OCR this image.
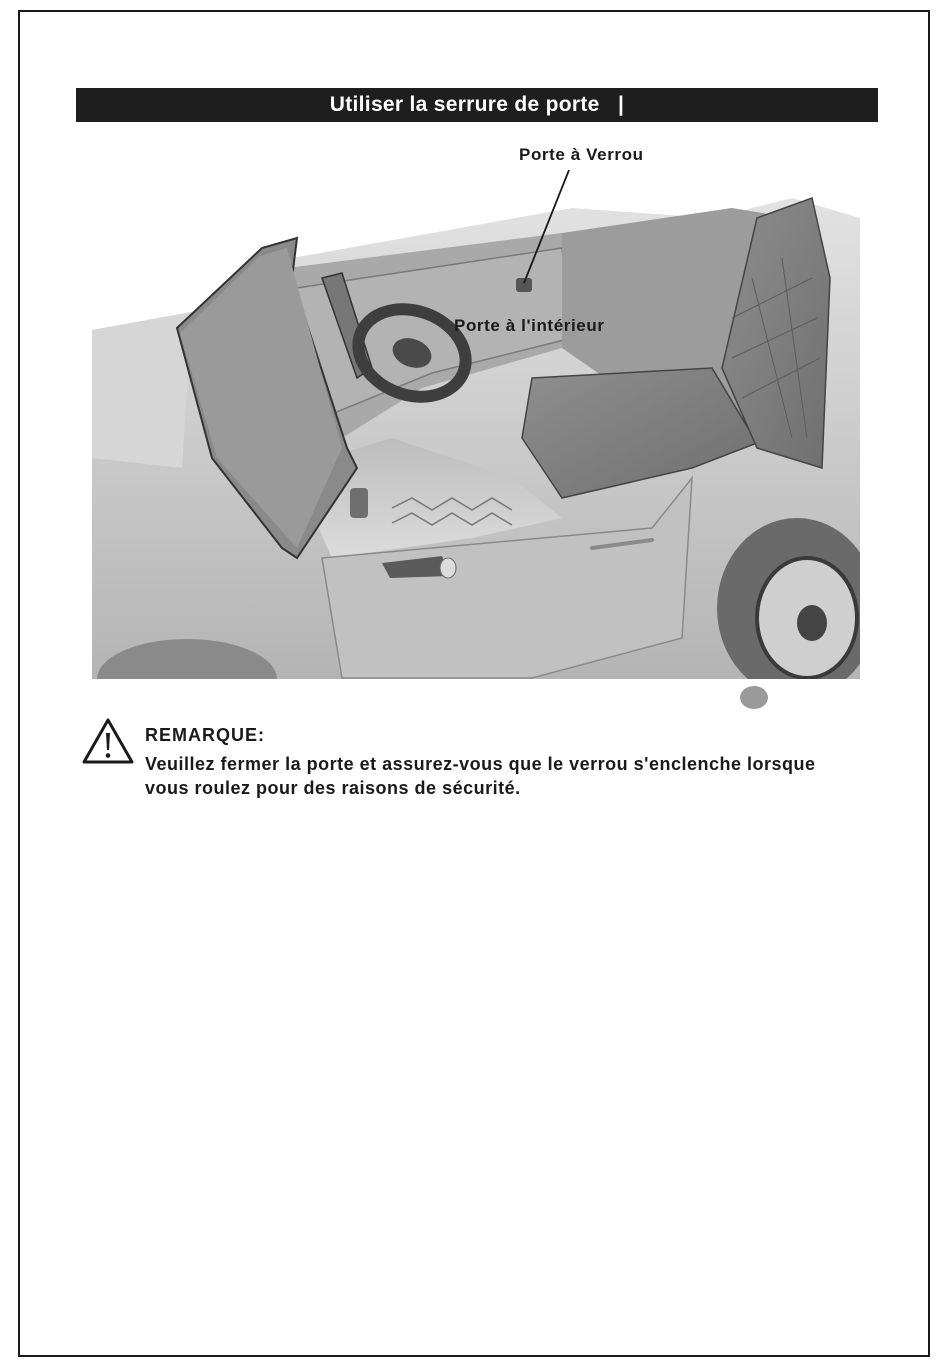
Utiliser la serrure de porte   |
Porte à Verrou
Porte à l'intérieur
REMARQUE:
Veuillez fermer la porte et assurez-vous que le verrou s'enclenche lorsque vous roulez pour des raisons de sécurité.
